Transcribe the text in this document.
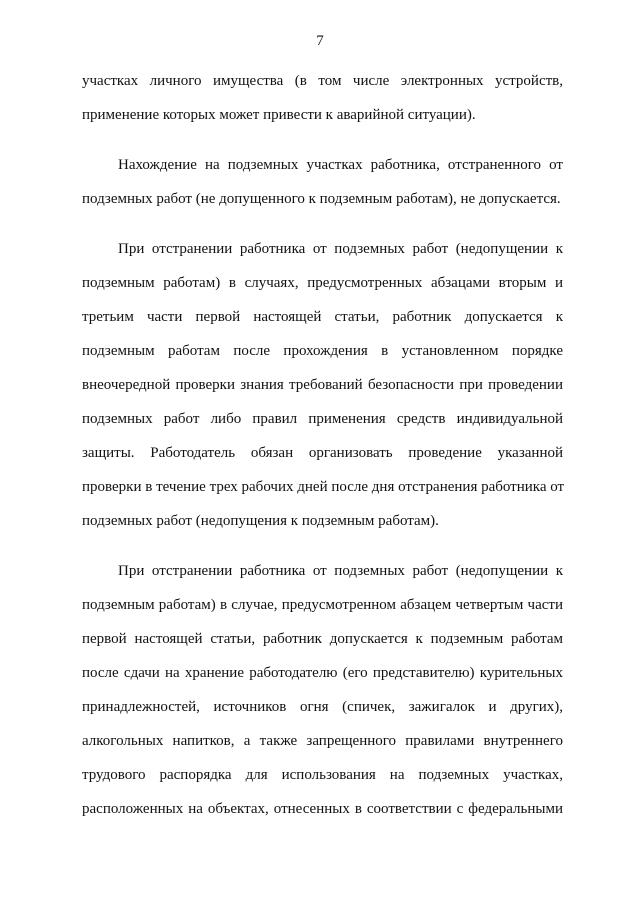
7
участках личного имущества (в том числе электронных устройств,
применение которых может привести к аварийной ситуации).
Нахождение на подземных участках работника, отстраненного от
подземных работ (не допущенного к подземным работам), не допускается.
При отстранении работника от подземных работ (недопущении к
подземным работам) в случаях, предусмотренных абзацами вторым и
третьим части первой настоящей статьи, работник допускается к
подземным работам после прохождения в установленном порядке
внеочередной проверки знания требований безопасности при проведении
подземных работ либо правил применения средств индивидуальной
защиты. Работодатель обязан организовать проведение указанной
проверки в течение трех рабочих дней после дня отстранения работника от
подземных работ (недопущения к подземным работам).
При отстранении работника от подземных работ (недопущении к
подземным работам) в случае, предусмотренном абзацем четвертым части
первой настоящей статьи, работник допускается к подземным работам
после сдачи на хранение работодателю (его представителю) курительных
принадлежностей, источников огня (спичек, зажигалок и других),
алкогольных напитков, а также запрещенного правилами внутреннего
трудового распорядка для использования на подземных участках,
расположенных на объектах, отнесенных в соответствии с федеральными
